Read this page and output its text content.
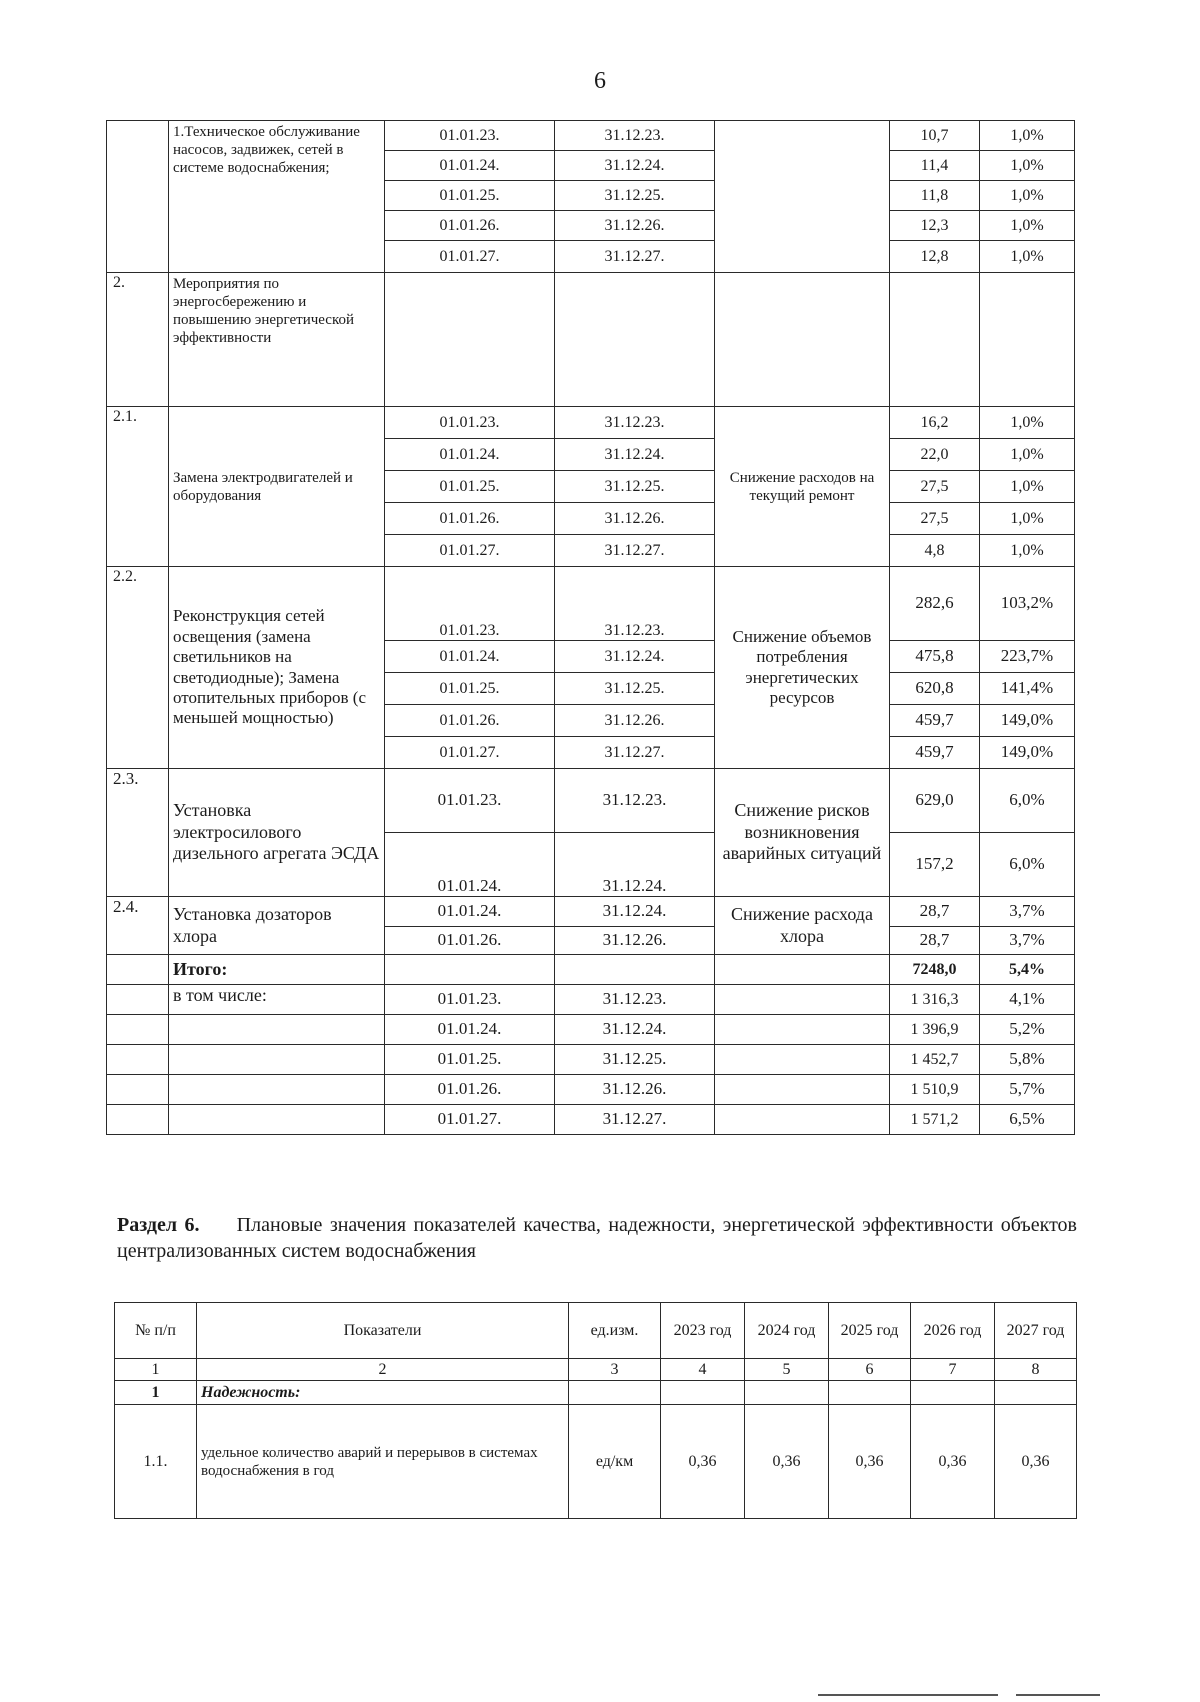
6
	1.Техническое обслуживание насосов, задвижек, сетей в системе водоснабжения;	01.01.23.	31.12.23.		10,7	1,0%
		01.01.24.	31.12.24.		11,4	1,0%
		01.01.25.	31.12.25.		11,8	1,0%
		01.01.26.	31.12.26.		12,3	1,0%
		01.01.27.	31.12.27.		12,8	1,0%
2.	Мероприятия по энергосбережению и повышению энергетической эффективности					
2.1.	Замена электродвигателей и оборудования	01.01.23.	31.12.23.	Снижение расходов на текущий ремонт	16,2	1,0%
		01.01.24.	31.12.24.		22,0	1,0%
		01.01.25.	31.12.25.		27,5	1,0%
		01.01.26.	31.12.26.		27,5	1,0%
		01.01.27.	31.12.27.		4,8	1,0%
2.2.	Реконструкция сетей освещения (замена светильников на светодиодные); Замена отопительных приборов (с меньшей мощностью)	01.01.23.	31.12.23.	Снижение объемов потребления энергетических ресурсов	282,6	103,2%
		01.01.24.	31.12.24.		475,8	223,7%
		01.01.25.	31.12.25.		620,8	141,4%
		01.01.26.	31.12.26.		459,7	149,0%
		01.01.27.	31.12.27.		459,7	149,0%
2.3.	Установка электросилового дизельного агрегата ЭСДА	01.01.23.	31.12.23.	Снижение рисков возникновения аварийных ситуаций	629,0	6,0%
		01.01.24.	31.12.24.		157,2	6,0%
2.4.	Установка дозаторов хлора	01.01.24.	31.12.24.	Снижение расхода хлора	28,7	3,7%
		01.01.26.	31.12.26.		28,7	3,7%
	Итого:				7248,0	5,4%
	в том числе:	01.01.23.	31.12.23.		1 316,3	4,1%
		01.01.24.	31.12.24.		1 396,9	5,2%
		01.01.25.	31.12.25.		1 452,7	5,8%
		01.01.26.	31.12.26.		1 510,9	5,7%
		01.01.27.	31.12.27.		1 571,2	6,5%
Раздел 6. Плановые значения показателей качества, надежности, энергетической эффективности объектов централизованных систем водоснабжения
№ п/п	Показатели	ед.изм.	2023 год	2024 год	2025 год	2026 год	2027 год
1	2	3	4	5	6	7	8
1	Надежность:						
1.1.	удельное количество аварий и перерывов в системах водоснабжения в год	ед/км	0,36	0,36	0,36	0,36	0,36
